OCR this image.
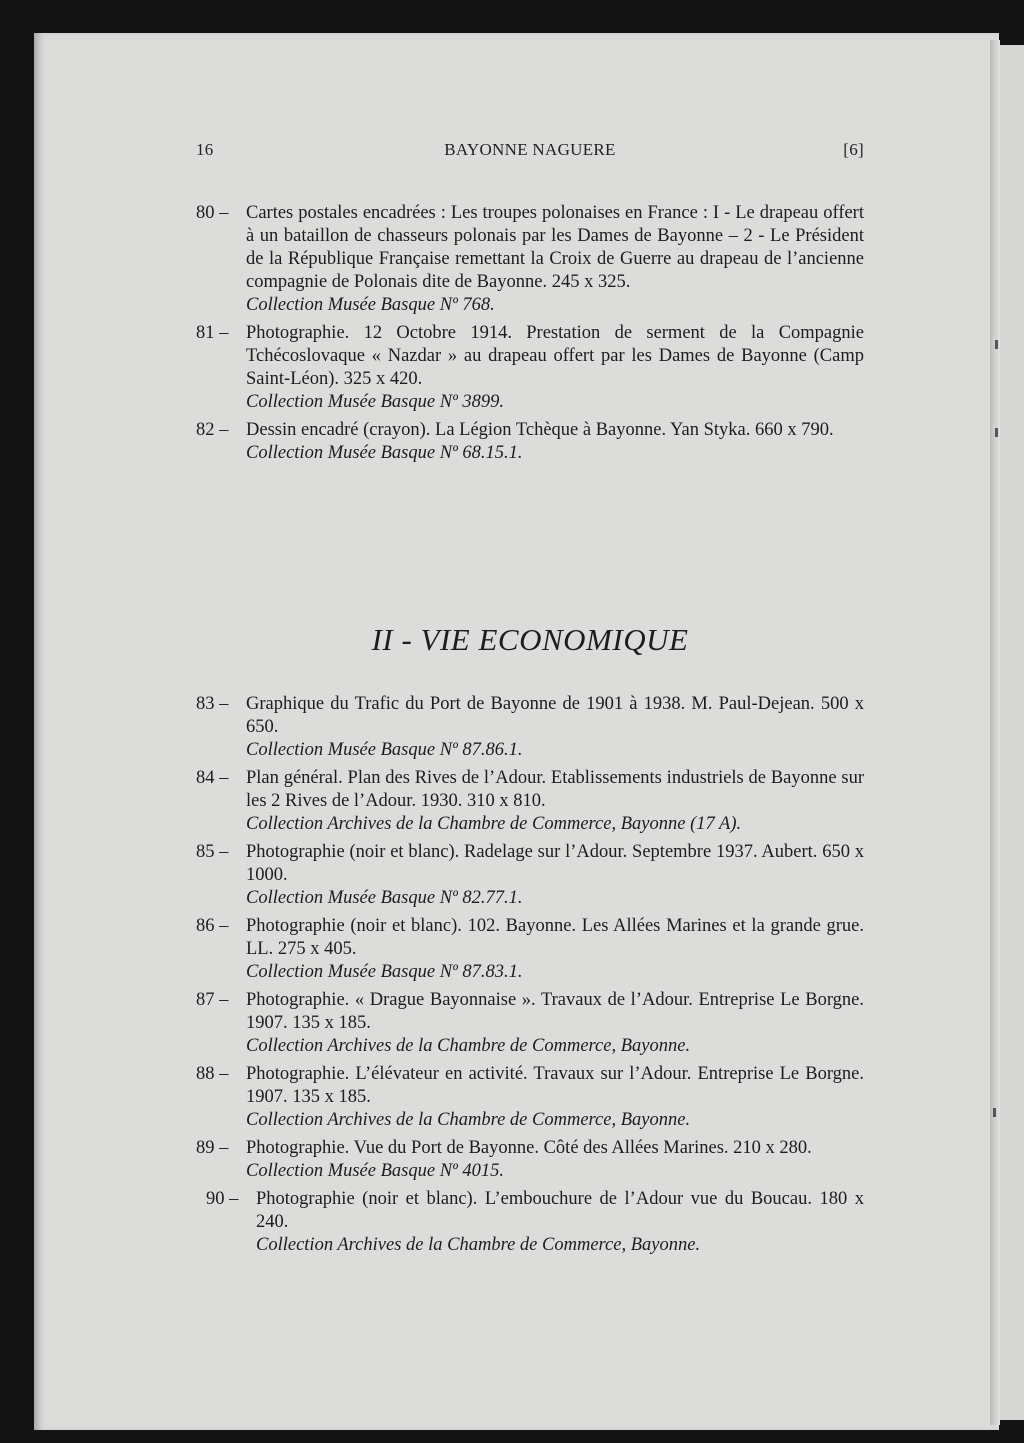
16	BAYONNE NAGUERE	[6]
80 – Cartes postales encadrées : Les troupes polonaises en France : I - Le drapeau offert à un bataillon de chasseurs polonais par les Dames de Bayonne – 2 - Le Président de la République Française remettant la Croix de Guerre au drapeau de l’ancienne compagnie de Polonais dite de Bayonne. 245 x 325.
Collection Musée Basque Nº 768.
81 – Photographie. 12 Octobre 1914. Prestation de serment de la Compagnie Tchécoslovaque « Nazdar » au drapeau offert par les Dames de Bayonne (Camp Saint-Léon). 325 x 420.
Collection Musée Basque Nº 3899.
82 – Dessin encadré (crayon). La Légion Tchèque à Bayonne. Yan Styka. 660 x 790.
Collection Musée Basque Nº 68.15.1.
II - VIE ECONOMIQUE
83 – Graphique du Trafic du Port de Bayonne de 1901 à 1938. M. Paul-Dejean. 500 x 650.
Collection Musée Basque Nº 87.86.1.
84 – Plan général. Plan des Rives de l’Adour. Etablissements industriels de Bayonne sur les 2 Rives de l’Adour. 1930. 310 x 810.
Collection Archives de la Chambre de Commerce, Bayonne (17 A).
85 – Photographie (noir et blanc). Radelage sur l’Adour. Septembre 1937. Aubert. 650 x 1000.
Collection Musée Basque Nº 82.77.1.
86 – Photographie (noir et blanc). 102. Bayonne. Les Allées Marines et la grande grue. LL. 275 x 405.
Collection Musée Basque Nº 87.83.1.
87 – Photographie. « Drague Bayonnaise ». Travaux de l’Adour. Entreprise Le Borgne. 1907. 135 x 185.
Collection Archives de la Chambre de Commerce, Bayonne.
88 – Photographie. L’élévateur en activité. Travaux sur l’Adour. Entreprise Le Borgne. 1907. 135 x 185.
Collection Archives de la Chambre de Commerce, Bayonne.
89 – Photographie. Vue du Port de Bayonne. Côté des Allées Marines. 210 x 280.
Collection Musée Basque Nº 4015.
90 – Photographie (noir et blanc). L’embouchure de l’Adour vue du Boucau. 180 x 240.
Collection Archives de la Chambre de Commerce, Bayonne.
